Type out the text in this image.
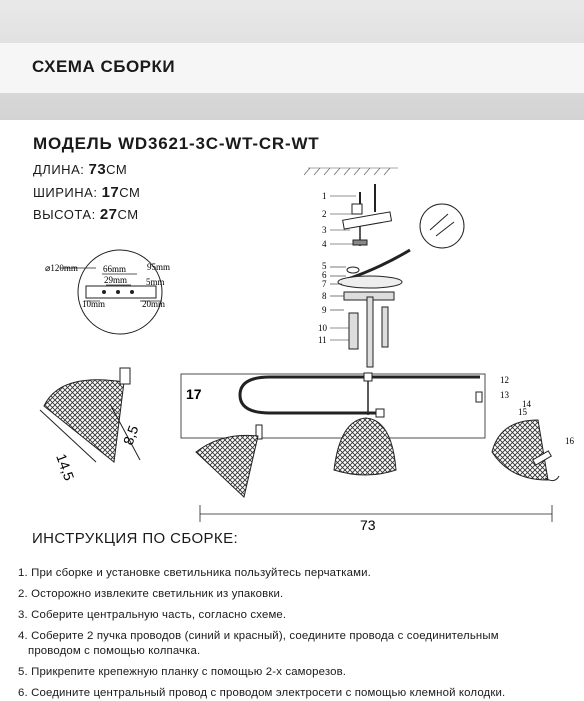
СХЕМА СБОРКИ
МОДЕЛЬ WD3621-3C-WT-CR-WT
ДЛИНА: 73СМ
ШИРИНА: 17СМ
ВЫСОТА: 27СМ
⌀120mm	66mm 95mm
29mm 5mm
10mm	20mm
14,5
8,5
1
2
3
4
5
6
7
8
9
10
11
12
13
14
15
16
17
73
ИНСТРУКЦИЯ ПО СБОРКЕ:
1. При сборке и установке светильника пользуйтесь перчатками.
2. Осторожно извлеките светильник из упаковки.
3. Соберите центральную часть, согласно схеме.
4. Соберите 2 пучка проводов (синий и красный), соедините провода с соединительным
проводом с помощью колпачка.
5. Прикрепите крепежную планку с помощью 2-х саморезов.
6. Соедините центральный провод с проводом электросети с помощью клемной колодки.
